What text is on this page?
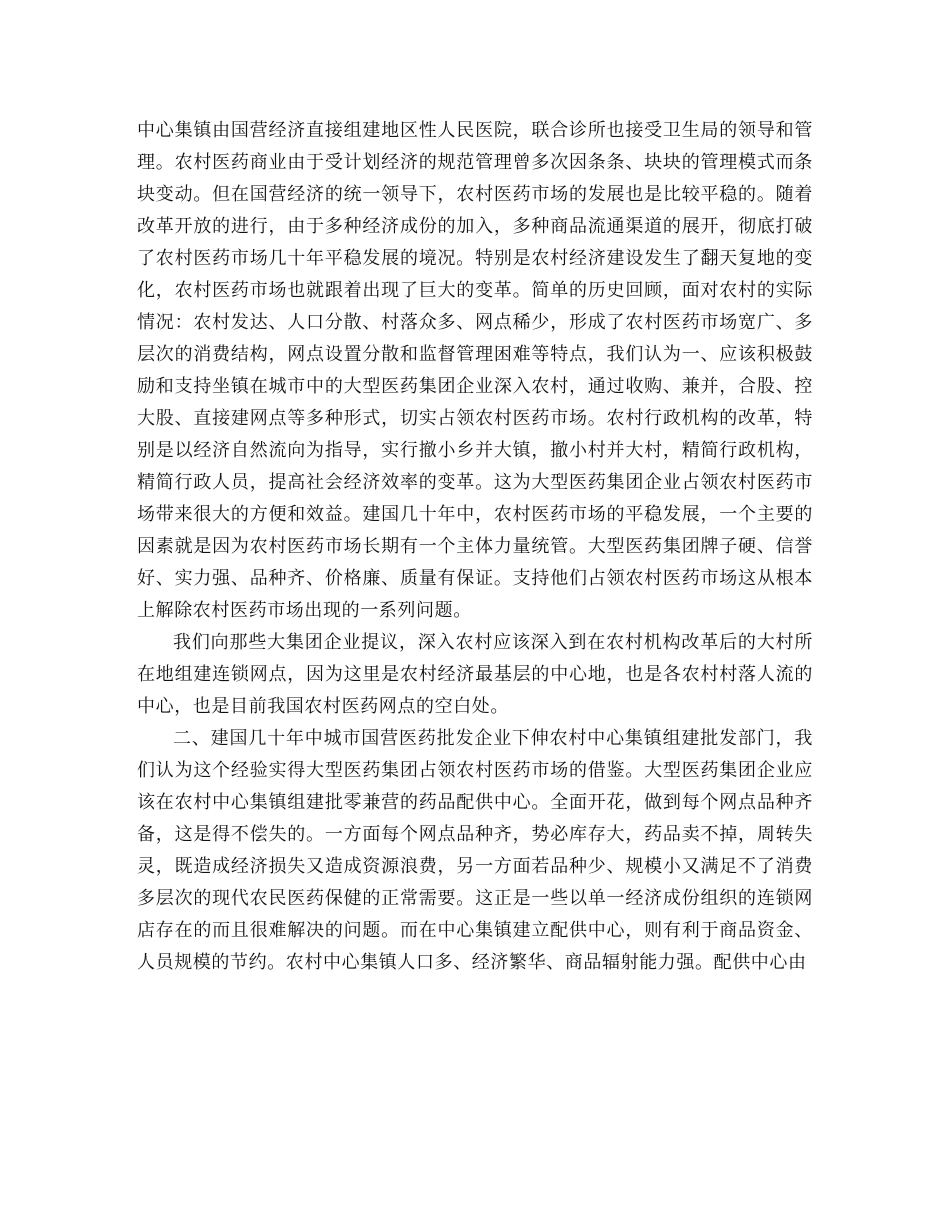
中心集镇由国营经济直接组建地区性人民医院，联合诊所也接受卫生局的领导和管理。农村医药商业由于受计划经济的规范管理曾多次因条条、块块的管理模式而条块变动。但在国营经济的统一领导下，农村医药市场的发展也是比较平稳的。随着改革开放的进行，由于多种经济成份的加入，多种商品流通渠道的展开，彻底打破了农村医药市场几十年平稳发展的境况。特别是农村经济建设发生了翻天复地的变化，农村医药市场也就跟着出现了巨大的变革。简单的历史回顾，面对农村的实际情况：农村发达、人口分散、村落众多、网点稀少，形成了农村医药市场宽广、多层次的消费结构，网点设置分散和监督管理困难等特点，我们认为一、应该积极鼓励和支持坐镇在城市中的大型医药集团企业深入农村，通过收购、兼并，合股、控大股、直接建网点等多种形式，切实占领农村医药市场。农村行政机构的改革，特别是以经济自然流向为指导，实行撤小乡并大镇，撤小村并大村，精简行政机构，精简行政人员，提高社会经济效率的变革。这为大型医药集团企业占领农村医药市场带来很大的方便和效益。建国几十年中，农村医药市场的平稳发展，一个主要的因素就是因为农村医药市场长期有一个主体力量统管。大型医药集团牌子硬、信誉好、实力强、品种齐、价格廉、质量有保证。支持他们占领农村医药市场这从根本上解除农村医药市场出现的一系列问题。

我们向那些大集团企业提议，深入农村应该深入到在农村机构改革后的大村所在地组建连锁网点，因为这里是农村经济最基层的中心地，也是各农村村落人流的中心，也是目前我国农村医药网点的空白处。

二、建国几十年中城市国营医药批发企业下伸农村中心集镇组建批发部门，我们认为这个经验实得大型医药集团占领农村医药市场的借鉴。大型医药集团企业应该在农村中心集镇组建批零兼营的药品配供中心。全面开花，做到每个网点品种齐备，这是得不偿失的。一方面每个网点品种齐，势必库存大，药品卖不掉，周转失灵，既造成经济损失又造成资源浪费，另一方面若品种少、规模小又满足不了消费多层次的现代农民医药保健的正常需要。这正是一些以单一经济成份组织的连锁网店存在的而且很难解决的问题。而在中心集镇建立配供中心，则有利于商品资金、人员规模的节约。农村中心集镇人口多、经济繁华、商品辐射能力强。配供中心由
